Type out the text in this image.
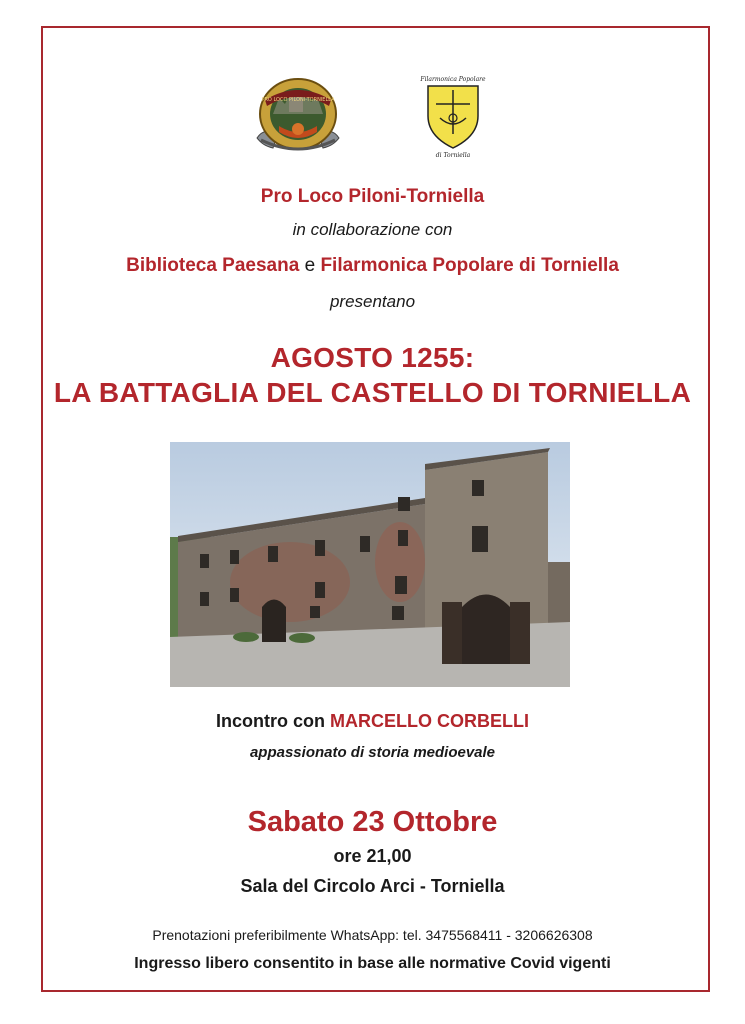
PRO LOCO PILONI-TORNIELLA
Filarmonica Popolare
di Torniella
Pro Loco Piloni-Torniella
in collaborazione con
Biblioteca Paesana e Filarmonica Popolare di Torniella
presentano
AGOSTO 1255:
LA BATTAGLIA DEL CASTELLO DI TORNIELLA
Incontro con MARCELLO CORBELLI
appassionato di storia medioevale
Sabato 23 Ottobre
ore 21,00
Sala del Circolo Arci - Torniella
Prenotazioni preferibilmente WhatsApp: tel. 3475568411 - 3206626308
Ingresso libero consentito in base alle normative Covid vigenti
